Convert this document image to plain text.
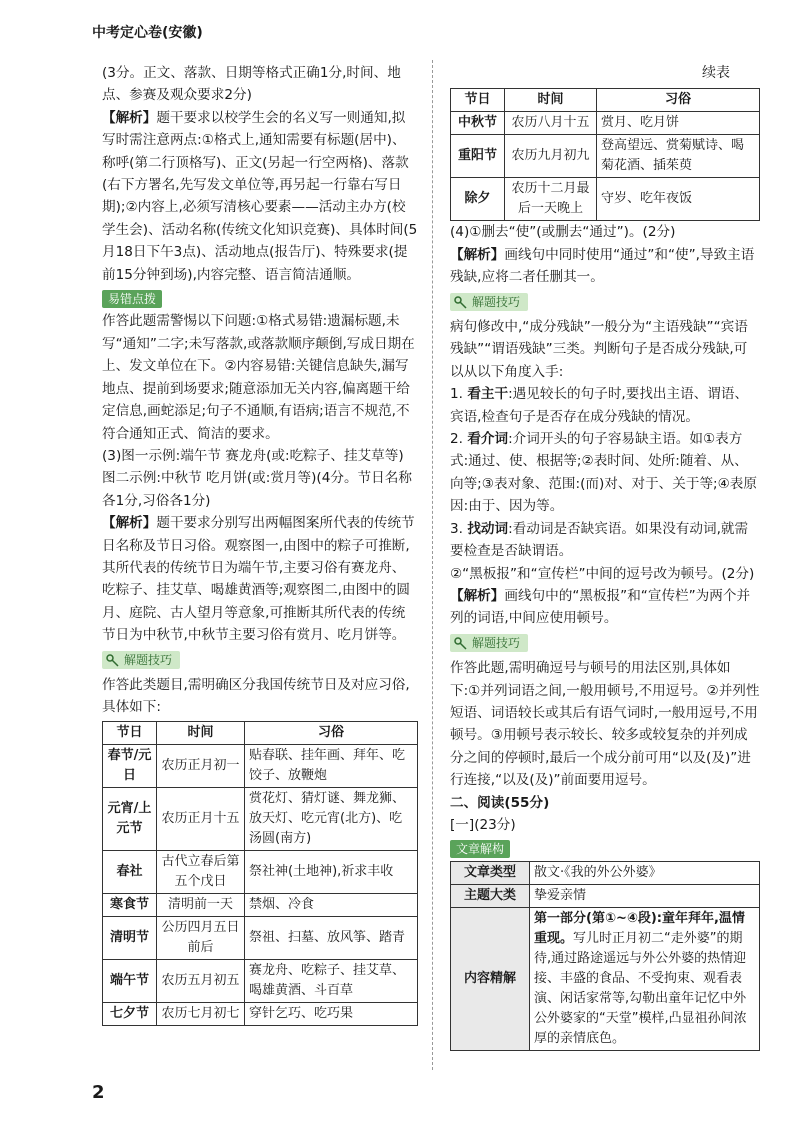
中考定心卷(安徽)

(3分。正文、落款、日期等格式正确1分,时间、地点、参赛及观众要求2分)

【解析】题干要求以校学生会的名义写一则通知,拟写时需注意两点:①格式上,通知需要有标题(居中)、称呼(第二行顶格写)、正文(另起一行空两格)、落款(右下方署名,先写发文单位等,再另起一行靠右写日期);②内容上,必须写清核心要素——活动主办方(校学生会)、活动名称(传统文化知识竞赛)、具体时间(5月18日下午3点)、活动地点(报告厅)、特殊要求(提前15分钟到场),内容完整、语言简洁通顺。

易错点拨

作答此题需警惕以下问题:①格式易错:遗漏标题,未写“通知”二字;未写落款,或落款顺序颠倒,写成日期在上、发文单位在下。②内容易错:关键信息缺失,漏写地点、提前到场要求;随意添加无关内容,偏离题干给定信息,画蛇添足;句子不通顺,有语病;语言不规范,不符合通知正式、简洁的要求。

(3)图一示例:端午节 赛龙舟(或:吃粽子、挂艾草等) 图二示例:中秋节 吃月饼(或:赏月等)(4分。节日名称各1分,习俗各1分)

【解析】题干要求分别写出两幅图案所代表的传统节日名称及节日习俗。观察图一,由图中的粽子可推断,其所代表的传统节日为端午节,主要习俗有赛龙舟、吃粽子、挂艾草、喝雄黄酒等;观察图二,由图中的圆月、庭院、古人望月等意象,可推断其所代表的传统节日为中秋节,中秋节主要习俗有赏月、吃月饼等。

解题技巧

作答此类题目,需明确区分我国传统节日及对应习俗,具体如下:

节日	时间	习俗
春节/元日	农历正月初一	贴春联、挂年画、拜年、吃饺子、放鞭炮
元宵/上元节	农历正月十五	赏花灯、猜灯谜、舞龙狮、放天灯、吃元宵(北方)、吃汤圆(南方)
春社	古代立春后第五个戊日	祭社神(土地神),祈求丰收
寒食节	清明前一天	禁烟、冷食
清明节	公历四月五日前后	祭祖、扫墓、放风筝、踏青
端午节	农历五月初五	赛龙舟、吃粽子、挂艾草、喝雄黄酒、斗百草
七夕节	农历七月初七	穿针乞巧、吃巧果
续表
节日	时间	习俗
中秋节	农历八月十五	赏月、吃月饼
重阳节	农历九月初九	登高望远、赏菊赋诗、喝菊花酒、插茱萸
除夕	农历十二月最后一天晚上	守岁、吃年夜饭

(4)①删去“使”(或删去“通过”)。(2分)

【解析】画线句中同时使用“通过”和“使”,导致主语残缺,应将二者任删其一。

解题技巧

病句修改中,“成分残缺”一般分为“主语残缺”“宾语残缺”“谓语残缺”三类。判断句子是否成分残缺,可以从以下角度入手:

1. 看主干:遇见较长的句子时,要找出主语、谓语、宾语,检查句子是否存在成分残缺的情况。

2. 看介词:介词开头的句子容易缺主语。如①表方式:通过、使、根据等;②表时间、处所:随着、从、向等;③表对象、范围:(而)对、对于、关于等;④表原因:由于、因为等。

3. 找动词:看动词是否缺宾语。如果没有动词,就需要检查是否缺谓语。

②“黑板报”和“宣传栏”中间的逗号改为顿号。(2分)

【解析】画线句中的“黑板报”和“宣传栏”为两个并列的词语,中间应使用顿号。

解题技巧

作答此题,需明确逗号与顿号的用法区别,具体如下:①并列词语之间,一般用顿号,不用逗号。②并列性短语、词语较长或其后有语气词时,一般用逗号,不用顿号。③用顿号表示较长、较多或较复杂的并列成分之间的停顿时,最后一个成分前可用“以及(及)”进行连接,“以及(及)”前面要用逗号。

二、阅读(55分)

[一](23分)

文章解构
文章类型	散文·《我的外公外婆》
主题大类	挚爱亲情
内容精解	第一部分(第①~④段):童年拜年,温情重现。写儿时正月初二“走外婆”的期待,通过路途遥远与外公外婆的热情迎接、丰盛的食品、不受拘束、观看表演、闲话家常等,勾勒出童年记忆中外公外婆家的“天堂”模样,凸显祖孙间浓厚的亲情底色。
2
